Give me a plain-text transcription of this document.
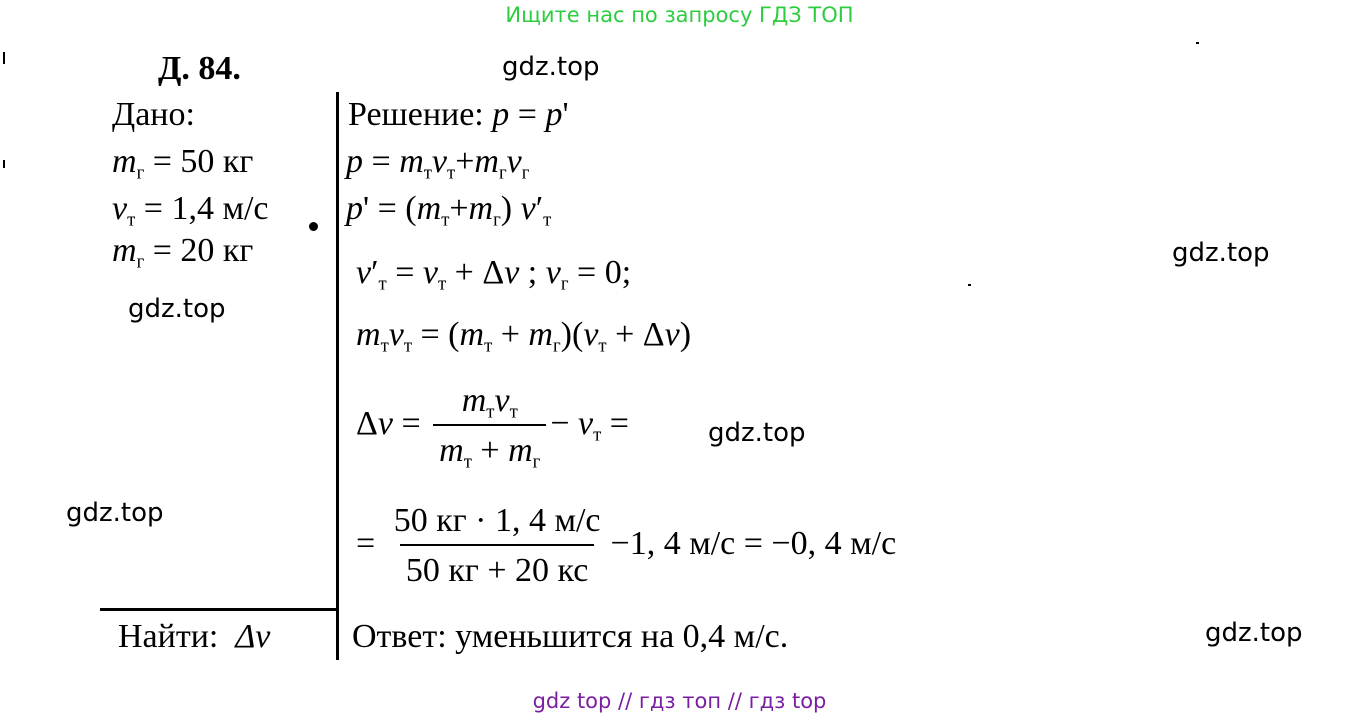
Ищите нас по запросу ГДЗ ТОП
gdz top // гдз топ // гдз top
gdz.top
gdz.top
gdz.top
gdz.top
gdz.top
gdz.top
Д. 84.
Дано:
$m_г = 50$ кг
$v_т = 1,4$ м/с
$m_г = 20$ кг
Найти: Δv
Решение: p = p'
$p = m_тv_т+m_гv_г$
$p' = (m_т+m_г)$ $v'_т$
$v'_т = v_т + \Delta v$ ; $v_г = 0$;
$m_тv_т = (m_т + m_г)(v_т + \Delta v)$
$\Delta v = \frac{m_тv_т}{m_т + m_г} - v_т$ =
= $\frac{50 кг \cdot 1, 4 м/с}{50 кг + 20 кс} -1$, 4 м/с = −0, 4 м/с
Ответ: уменьшится на 0,4 м/с.
